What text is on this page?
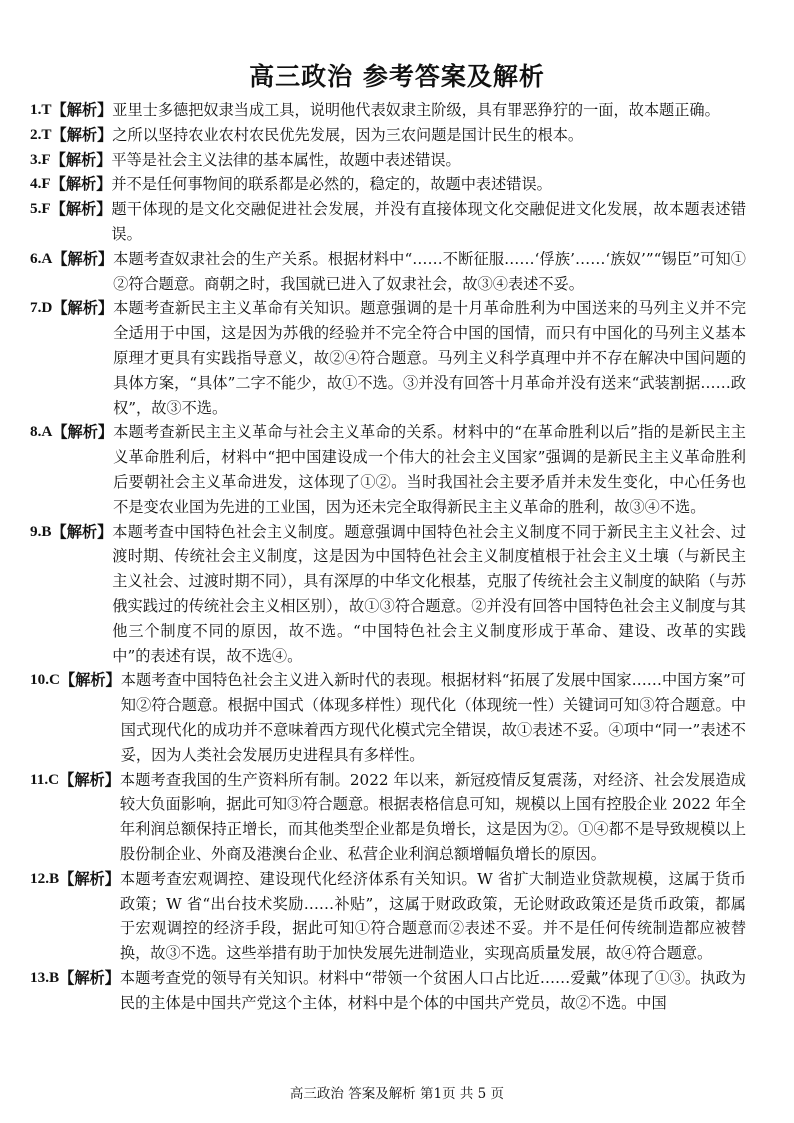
高三政治 参考答案及解析
1.T 【解析】 亚里士多德把奴隶当成工具，说明他代表奴隶主阶级，具有罪恶狰狞的一面，故本题正确。
2.T 【解析】 之所以坚持农业农村农民优先发展，因为三农问题是国计民生的根本。
3.F 【解析】 平等是社会主义法律的基本属性，故题中表述错误。
4.F 【解析】 并不是任何事物间的联系都是必然的，稳定的，故题中表述错误。
5.F 【解析】 题干体现的是文化交融促进社会发展，并没有直接体现文化交融促进文化发展，故本题表述错误。
6.A 【解析】 本题考查奴隶社会的生产关系。根据材料中“……不断征服……‘俘族’……‘族奴’”“锡臣”可知①②符合题意。商朝之时，我国就已进入了奴隶社会，故③④表述不妥。
7.D 【解析】 本题考查新民主主义革命有关知识。题意强调的是十月革命胜利为中国送来的马列主义并不完全适用于中国，这是因为苏俄的经验并不完全符合中国的国情，而只有中国化的马列主义基本原理才更具有实践指导意义，故②④符合题意。马列主义科学真理中并不存在解决中国问题的具体方案，“具体”二字不能少，故①不选。③并没有回答十月革命并没有送来“武装割据……政权”，故③不选。
8.A 【解析】 本题考查新民主主义革命与社会主义革命的关系。材料中的“在革命胜利以后”指的是新民主主义革命胜利后，材料中“把中国建设成一个伟大的社会主义国家”强调的是新民主主义革命胜利后要朝社会主义革命进发，这体现了①②。当时我国社会主要矛盾并未发生变化，中心任务也不是变农业国为先进的工业国，因为还未完全取得新民主主义革命的胜利，故③④不选。
9.B 【解析】 本题考查中国特色社会主义制度。题意强调中国特色社会主义制度不同于新民主主义社会、过渡时期、传统社会主义制度，这是因为中国特色社会主义制度植根于社会主义土壤（与新民主主义社会、过渡时期不同），具有深厚的中华文化根基，克服了传统社会主义制度的缺陷（与苏俄实践过的传统社会主义相区别），故①③符合题意。②并没有回答中国特色社会主义制度与其他三个制度不同的原因，故不选。“中国特色社会主义制度形成于革命、建设、改革的实践中”的表述有误，故不选④。
10.C 【解析】 本题考查中国特色社会主义进入新时代的表现。根据材料“拓展了发展中国家……中国方案”可知②符合题意。根据中国式（体现多样性）现代化（体现统一性）关键词可知③符合题意。中国式现代化的成功并不意味着西方现代化模式完全错误，故①表述不妥。④项中“同一”表述不妥，因为人类社会发展历史进程具有多样性。
11.C 【解析】 本题考查我国的生产资料所有制。2022 年以来，新冠疫情反复震荡，对经济、社会发展造成较大负面影响，据此可知③符合题意。根据表格信息可知，规模以上国有控股企业 2022 年全年利润总额保持正增长，而其他类型企业都是负增长，这是因为②。①④都不是导致规模以上股份制企业、外商及港澳台企业、私营企业利润总额增幅负增长的原因。
12.B 【解析】 本题考查宏观调控、建设现代化经济体系有关知识。W 省扩大制造业贷款规模，这属于货币政策；W 省“出台技术奖励……补贴”，这属于财政政策，无论财政政策还是货币政策，都属于宏观调控的经济手段，据此可知①符合题意而②表述不妥。并不是任何传统制造都应被替换，故③不选。这些举措有助于加快发展先进制造业，实现高质量发展，故④符合题意。
13.B 【解析】 本题考查党的领导有关知识。材料中“带领一个贫困人口占比近……爱戴”体现了①③。执政为民的主体是中国共产党这个主体，材料中是个体的中国共产党员，故②不选。中国
高三政治 答案及解析 第1页 共 5 页
